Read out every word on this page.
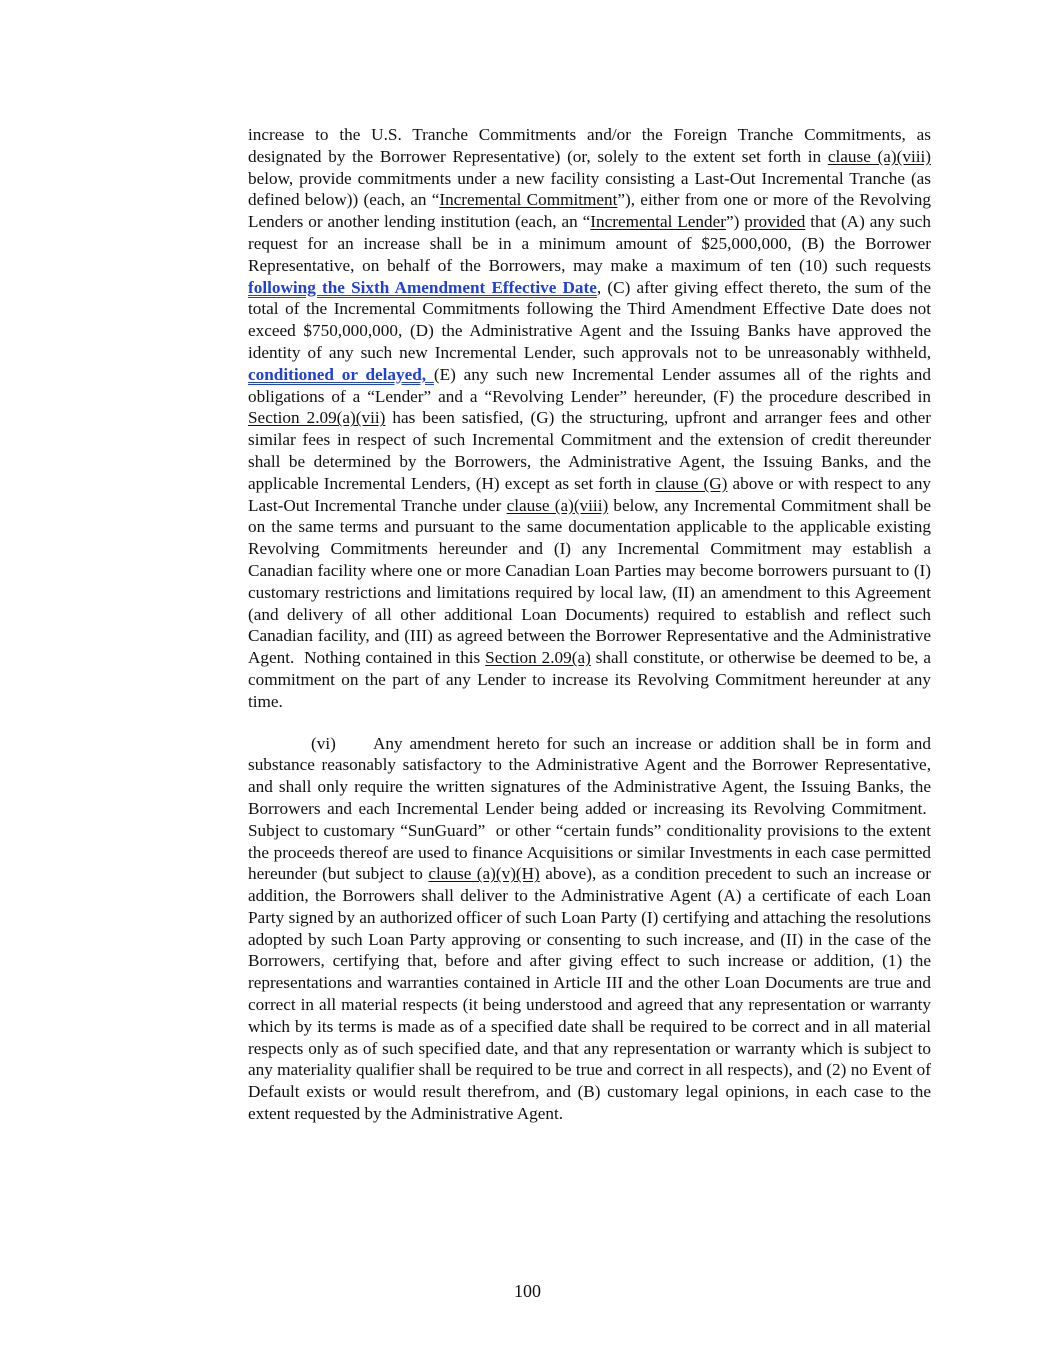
increase to the U.S. Tranche Commitments and/or the Foreign Tranche Commitments, as designated by the Borrower Representative) (or, solely to the extent set forth in clause (a)(viii) below, provide commitments under a new facility consisting a Last-Out Incremental Tranche (as defined below)) (each, an “Incremental Commitment”), either from one or more of the Revolving Lenders or another lending institution (each, an “Incremental Lender”) provided that (A) any such request for an increase shall be in a minimum amount of $25,000,000, (B) the Borrower Representative, on behalf of the Borrowers, may make a maximum of ten (10) such requests following the Sixth Amendment Effective Date, (C) after giving effect thereto, the sum of the total of the Incremental Commitments following the Third Amendment Effective Date does not exceed $750,000,000, (D) the Administrative Agent and the Issuing Banks have approved the identity of any such new Incremental Lender, such approvals not to be unreasonably withheld, conditioned or delayed, (E) any such new Incremental Lender assumes all of the rights and obligations of a “Lender” and a “Revolving Lender” hereunder, (F) the procedure described in Section 2.09(a)(vii) has been satisfied, (G) the structuring, upfront and arranger fees and other similar fees in respect of such Incremental Commitment and the extension of credit thereunder shall be determined by the Borrowers, the Administrative Agent, the Issuing Banks, and the applicable Incremental Lenders, (H) except as set forth in clause (G) above or with respect to any Last-Out Incremental Tranche under clause (a)(viii) below, any Incremental Commitment shall be on the same terms and pursuant to the same documentation applicable to the applicable existing Revolving Commitments hereunder and (I) any Incremental Commitment may establish a Canadian facility where one or more Canadian Loan Parties may become borrowers pursuant to (I) customary restrictions and limitations required by local law, (II) an amendment to this Agreement (and delivery of all other additional Loan Documents) required to establish and reflect such Canadian facility, and (III) as agreed between the Borrower Representative and the Administrative Agent.  Nothing contained in this Section 2.09(a) shall constitute, or otherwise be deemed to be, a commitment on the part of any Lender to increase its Revolving Commitment hereunder at any time.

(vi) Any amendment hereto for such an increase or addition shall be in form and substance reasonably satisfactory to the Administrative Agent and the Borrower Representative, and shall only require the written signatures of the Administrative Agent, the Issuing Banks, the Borrowers and each Incremental Lender being added or increasing its Revolving Commitment.  Subject to customary “SunGuard”  or other “certain funds” conditionality provisions to the extent the proceeds thereof are used to finance Acquisitions or similar Investments in each case permitted hereunder (but subject to clause (a)(v)(H) above), as a condition precedent to such an increase or addition, the Borrowers shall deliver to the Administrative Agent (A) a certificate of each Loan Party signed by an authorized officer of such Loan Party (I) certifying and attaching the resolutions adopted by such Loan Party approving or consenting to such increase, and (II) in the case of the Borrowers, certifying that, before and after giving effect to such increase or addition, (1) the representations and warranties contained in Article III and the other Loan Documents are true and correct in all material respects (it being understood and agreed that any representation or warranty which by its terms is made as of a specified date shall be required to be correct and in all material respects only as of such specified date, and that any representation or warranty which is subject to any materiality qualifier shall be required to be true and correct in all respects), and (2) no Event of Default exists or would result therefrom, and (B) customary legal opinions, in each case to the extent requested by the Administrative Agent.

100
